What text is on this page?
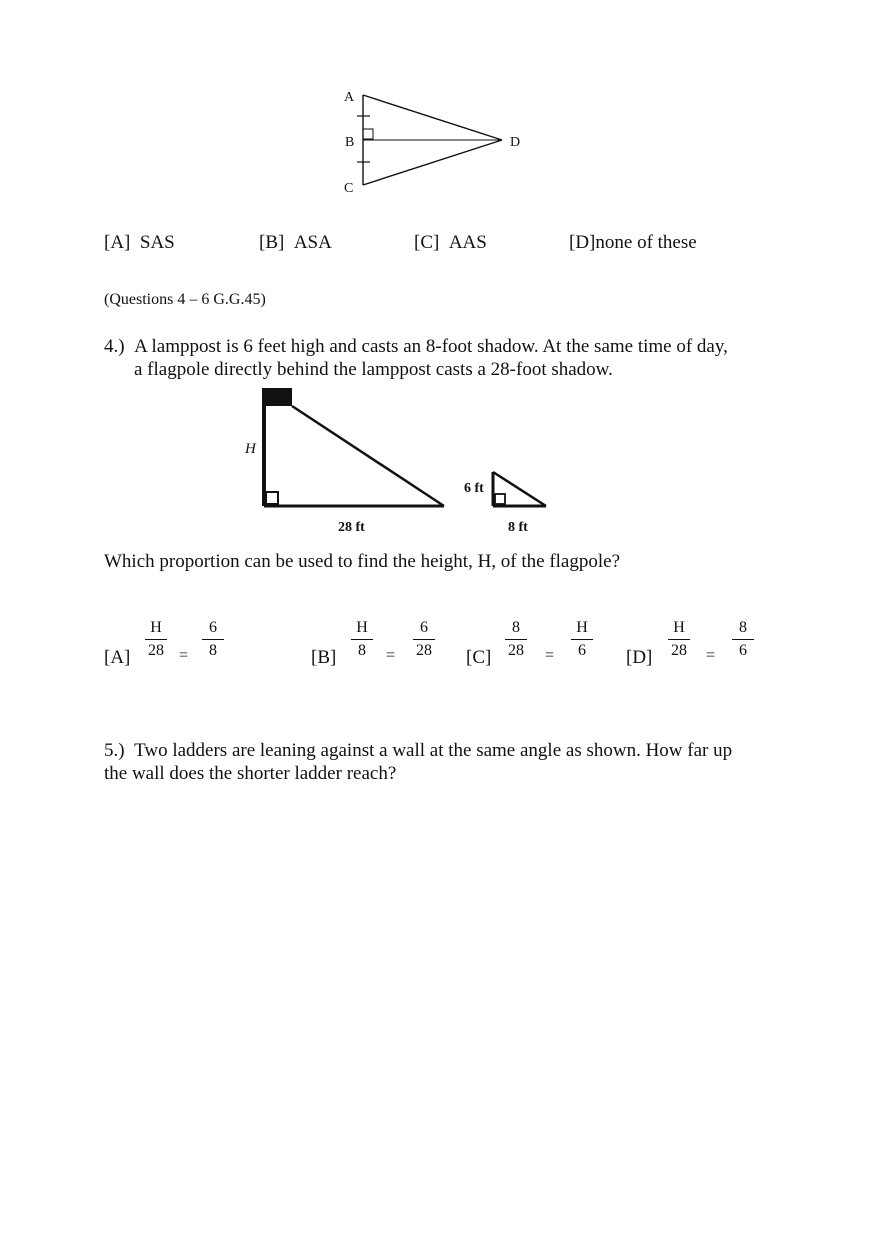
A
B
C
D
[A] SAS	[B] ASA	[C] AAS	[D]none of these
(Questions 4 – 6 G.G.45)
4.) A lamppost is 6 feet high and casts an 8-foot shadow. At the same time of day,
a flagpole directly behind the lamppost casts a 28-foot shadow.
H
28 ft
6 ft
8 ft
Which proportion can be used to find the height, H, of the flagpole?
[A]
H
28 =
6
8	[B]
H
8	=
6
28 [C]
8
28	=
H
6	[D]
H
28	=
8
6
5.) Two ladders are leaning against a wall at the same angle as shown. How far up
the wall does the shorter ladder reach?
